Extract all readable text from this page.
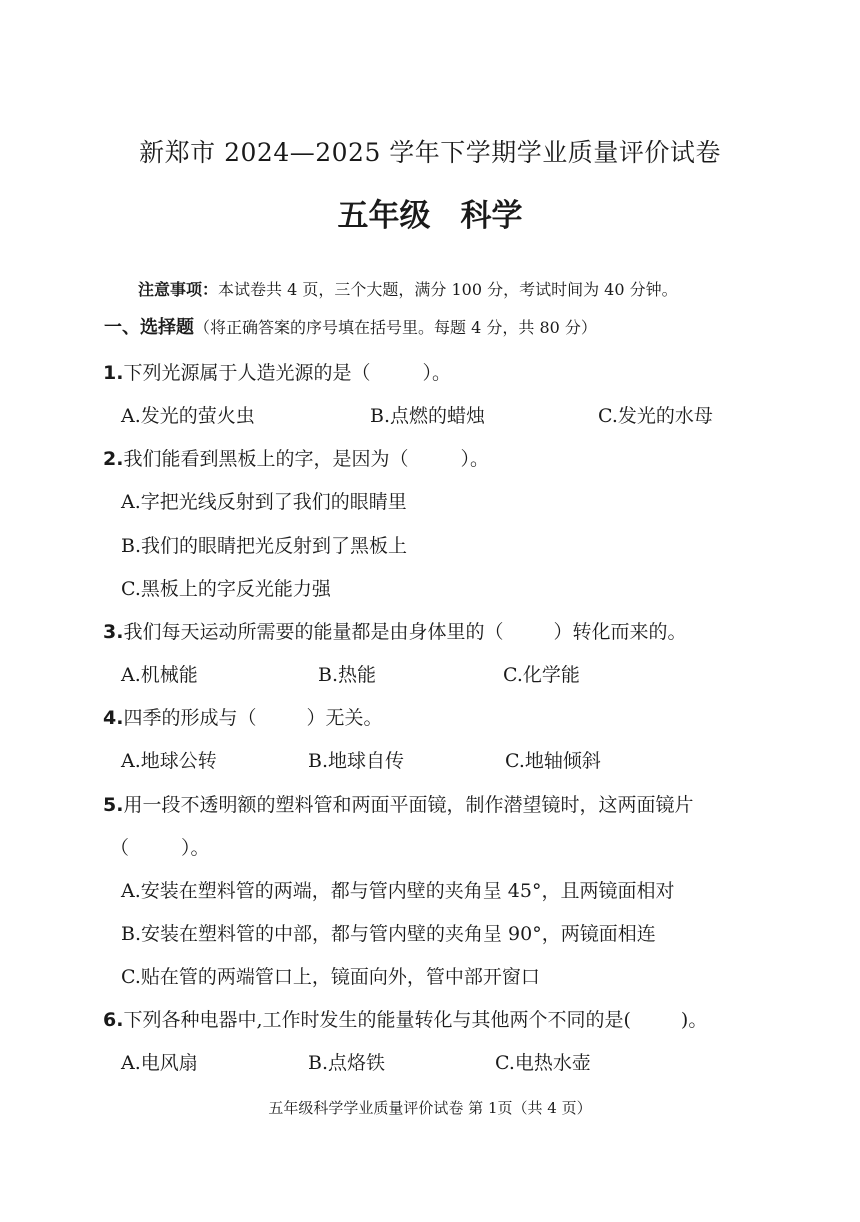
新郑市 2024—2025 学年下学期学业质量评价试卷
五年级 科学
注意事项：本试卷共 4 页，三个大题，满分 100 分，考试时间为 40 分钟。
一、选择题（将正确答案的序号填在括号里。每题 4 分，共 80 分）
1.下列光源属于人造光源的是（	）。
A.发光的萤火虫	B.点燃的蜡烛	C.发光的水母
2.我们能看到黑板上的字，是因为（	）。
A.字把光线反射到了我们的眼睛里
B.我们的眼睛把光反射到了黑板上
C.黑板上的字反光能力强
3.我们每天运动所需要的能量都是由身体里的（	）转化而来的。
A.机械能	B.热能	C.化学能
4.四季的形成与（	）无关。
A.地球公转	B.地球自传	C.地轴倾斜
5.用一段不透明额的塑料管和两面平面镜，制作潜望镜时，这两面镜片
（	）。
A.安装在塑料管的两端，都与管内壁的夹角呈 45°，且两镜面相对
B.安装在塑料管的中部，都与管内壁的夹角呈 90°，两镜面相连
C.贴在管的两端管口上，镜面向外，管中部开窗口
6.下列各种电器中,工作时发生的能量转化与其他两个不同的是(	)。
A.电风扇	B.点烙铁	C.电热水壶
五年级科学学业质量评价试卷 第 1页（共 4 页）
